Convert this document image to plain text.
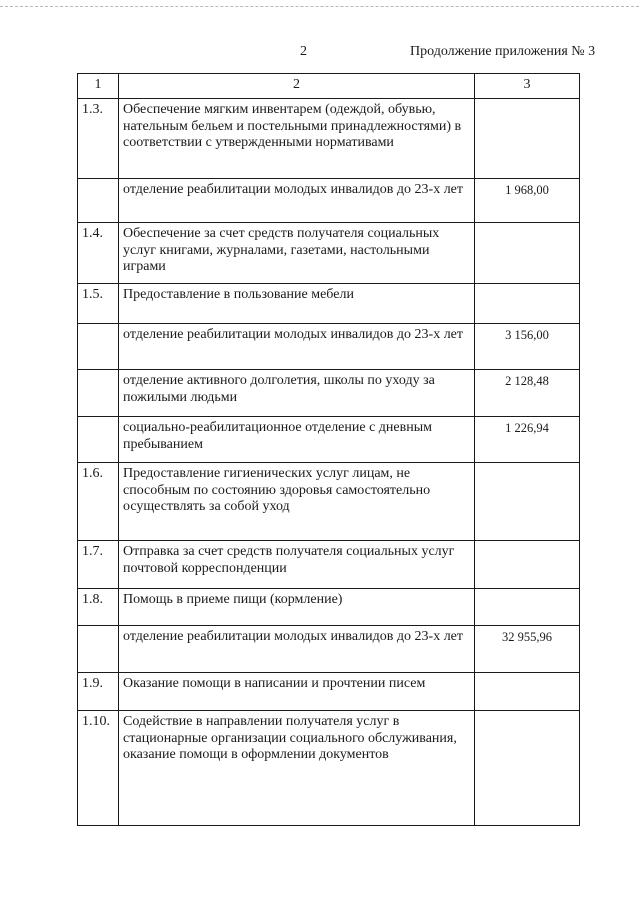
2	Продолжение приложения № 3
1	2	3
1.3.	Обеспечение мягким инвентарем (одеждой, обувью, нательным бельем и постельными принадлежностями) в соответствии с утвержденными нормативами	
	отделение реабилитации молодых инвалидов до 23-х лет	1 968,00
1.4.	Обеспечение за счет средств получателя социальных услуг книгами, журналами, газетами, настольными играми	
1.5.	Предоставление в пользование мебели	
	отделение реабилитации молодых инвалидов до 23-х лет	3 156,00
	отделение активного долголетия, школы по уходу за пожилыми людьми	2 128,48
	социально-реабилитационное отделение с дневным пребыванием	1 226,94
1.6.	Предоставление гигиенических услуг лицам, не способным по состоянию здоровья самостоятельно осуществлять за собой уход	
1.7.	Отправка за счет средств получателя социальных услуг почтовой корреспонденции	
1.8.	Помощь в приеме пищи (кормление)	
	отделение реабилитации молодых инвалидов до 23-х лет	32 955,96
1.9.	Оказание помощи в написании и прочтении писем	
1.10.	Содействие в направлении получателя услуг в стационарные организации социального обслуживания, оказание помощи в оформлении документов	
